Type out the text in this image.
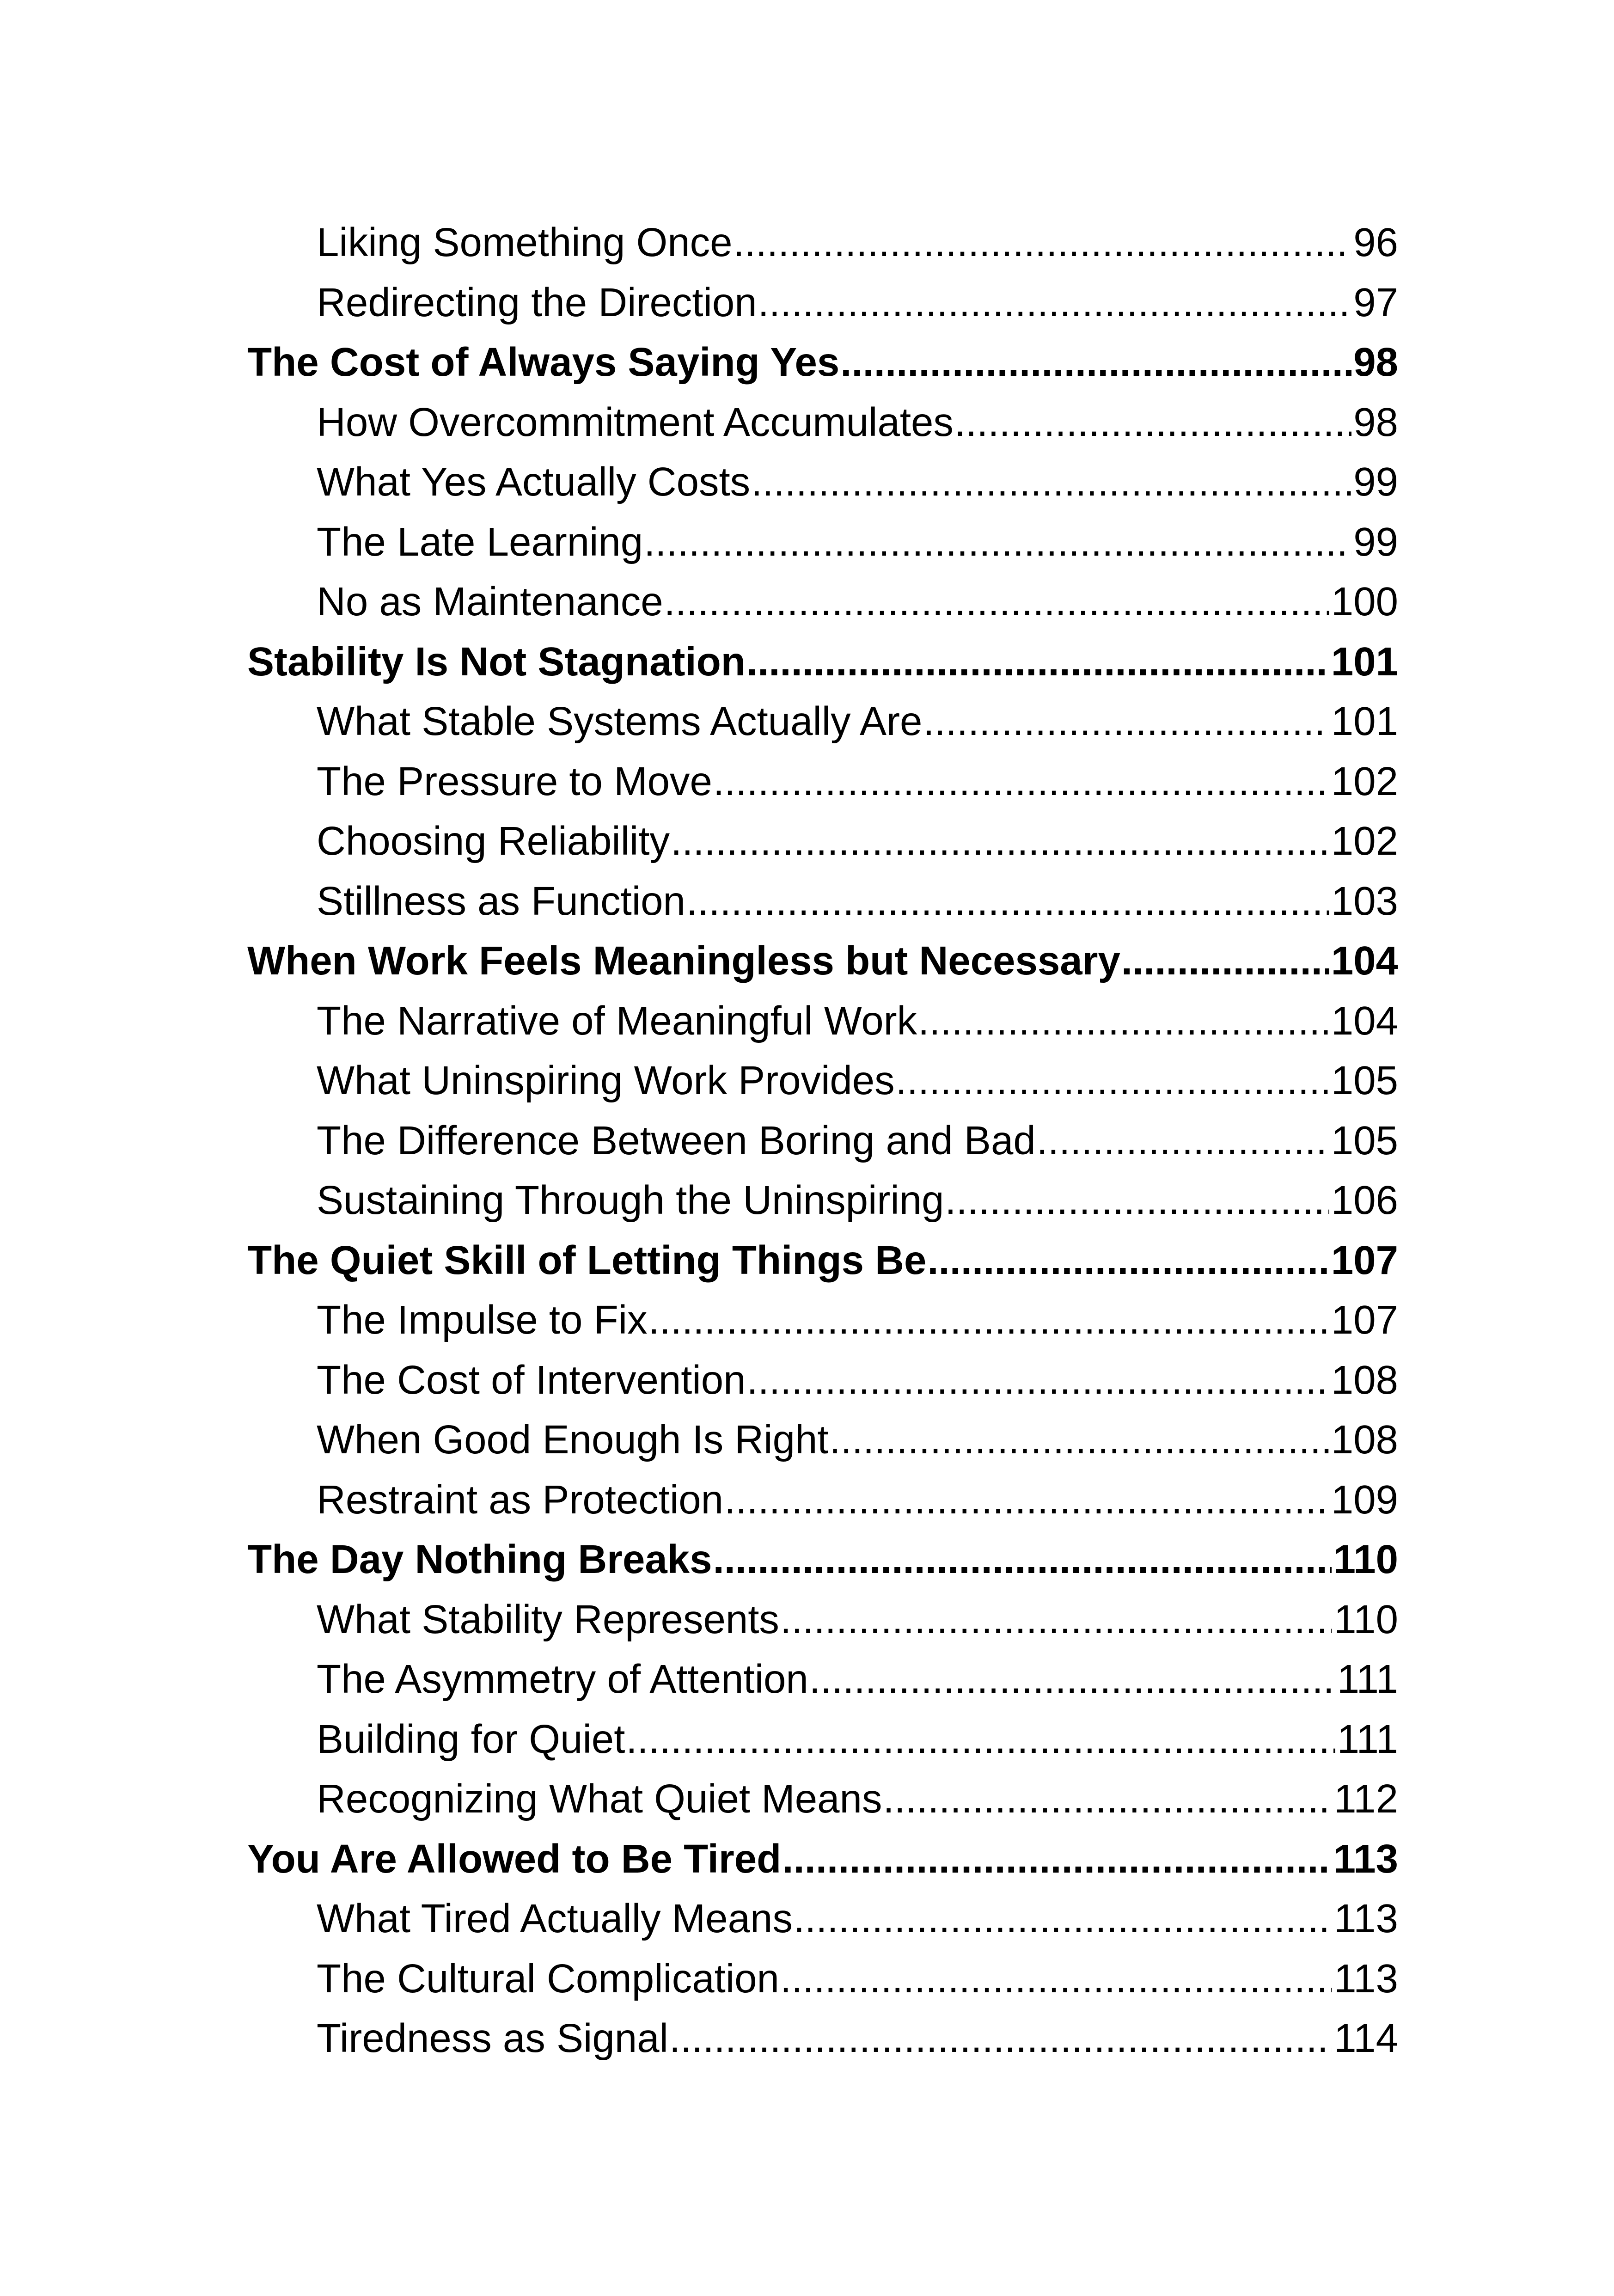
Liking Something Once .....	96
Redirecting the Direction .....	97
The Cost of Always Saying Yes .....	98
How Overcommitment Accumulates .....	98
What Yes Actually Costs .....	99
The Late Learning .....	99
No as Maintenance .....	100
Stability Is Not Stagnation .....	101
What Stable Systems Actually Are .....	101
The Pressure to Move .....	102
Choosing Reliability .....	102
Stillness as Function .....	103
When Work Feels Meaningless but Necessary .....	104
The Narrative of Meaningful Work .....	104
What Uninspiring Work Provides .....	105
The Difference Between Boring and Bad .....	105
Sustaining Through the Uninspiring .....	106
The Quiet Skill of Letting Things Be .....	107
The Impulse to Fix .....	107
The Cost of Intervention .....	108
When Good Enough Is Right .....	108
Restraint as Protection .....	109
The Day Nothing Breaks .....	110
What Stability Represents .....	110
The Asymmetry of Attention .....	111
Building for Quiet .....	111
Recognizing What Quiet Means .....	112
You Are Allowed to Be Tired .....	113
What Tired Actually Means .....	113
The Cultural Complication .....	113
Tiredness as Signal .....	114
